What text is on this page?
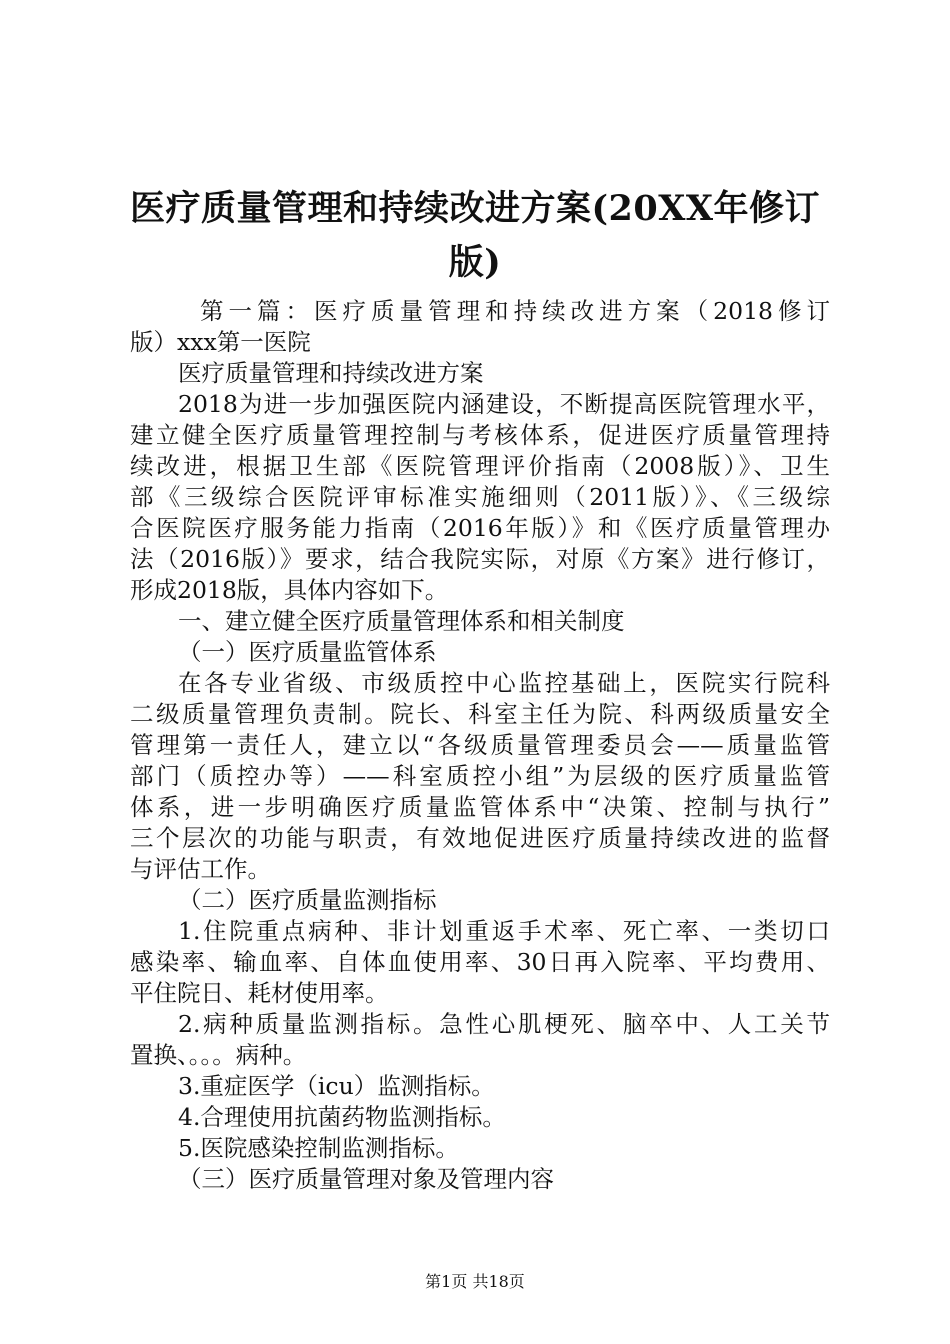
医疗质量管理和持续改进方案(20XX年修订
版)

第一篇：医疗质量管理和持续改进方案（2018修订

版）xxx第一医院

医疗质量管理和持续改进方案

2018为进一步加强医院内涵建设，不断提高医院管理水平，

建立健全医疗质量管理控制与考核体系，促进医疗质量管理持

续改进，根据卫生部《医院管理评价指南（2008版）》、卫生

部《三级综合医院评审标准实施细则（2011版）》、《三级综

合医院医疗服务能力指南（2016年版）》和《医疗质量管理办

法（2016版）》要求，结合我院实际，对原《方案》进行修订，

形成2018版，具体内容如下。

一、建立健全医疗质量管理体系和相关制度

（一）医疗质量监管体系

在各专业省级、市级质控中心监控基础上，医院实行院科

二级质量管理负责制。院长、科室主任为院、科两级质量安全

管理第一责任人，建立以“各级质量管理委员会——质量监管

部门（质控办等）——科室质控小组”为层级的医疗质量监管

体系，进一步明确医疗质量监管体系中“决策、控制与执行”

三个层次的功能与职责，有效地促进医疗质量持续改进的监督

与评估工作。

（二）医疗质量监测指标

1.住院重点病种、非计划重返手术率、死亡率、一类切口

感染率、输血率、自体血使用率、30日再入院率、平均费用、

平住院日、耗材使用率。

2.病种质量监测指标。急性心肌梗死、脑卒中、人工关节

置换、。。。病种。

3.重症医学（icu）监测指标。

4.合理使用抗菌药物监测指标。

5.医院感染控制监测指标。

（三）医疗质量管理对象及管理内容

第1页 共18页
